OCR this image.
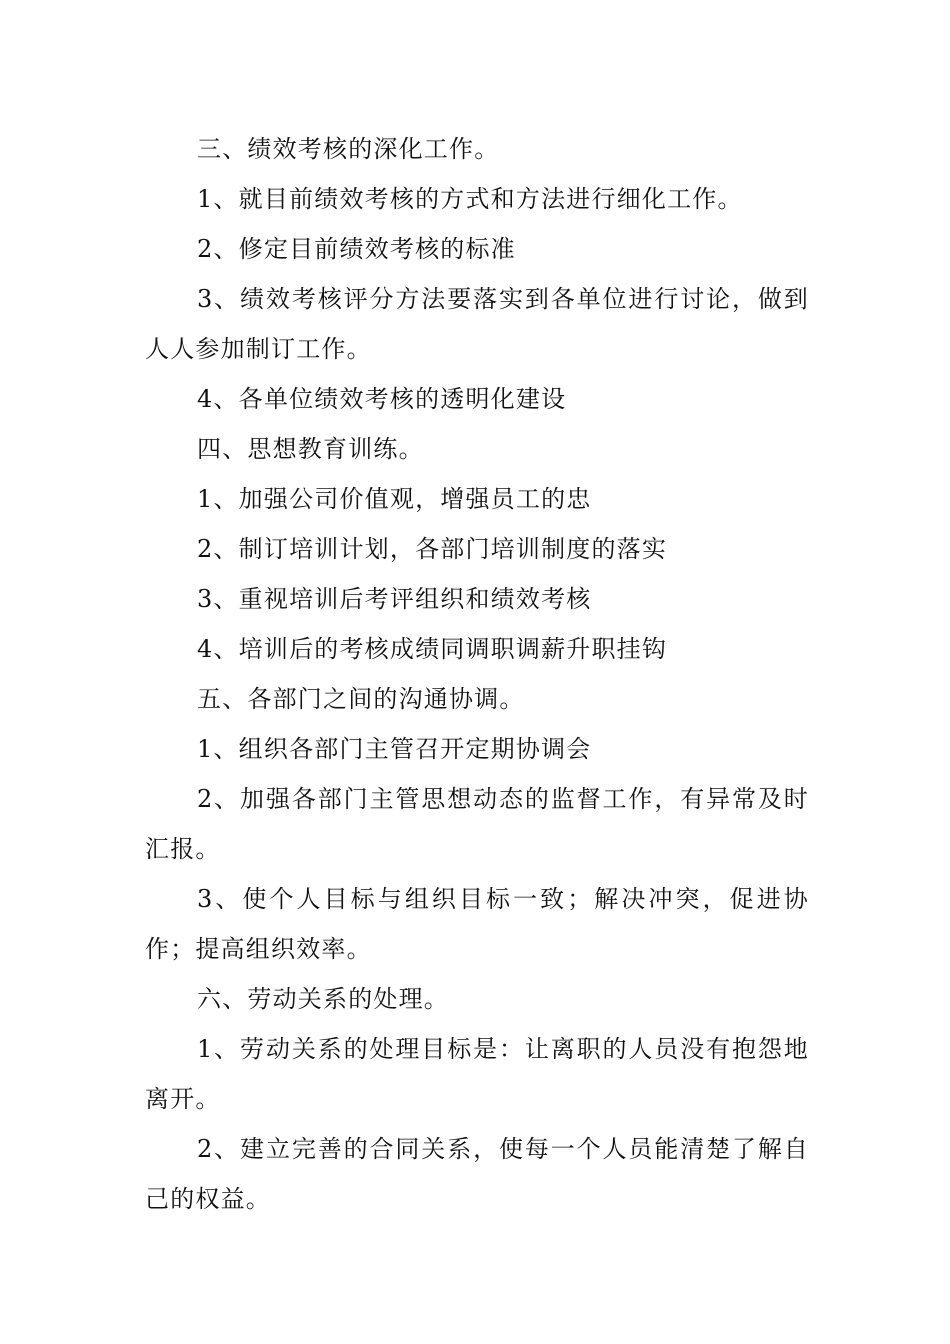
三、绩效考核的深化工作。

1、就目前绩效考核的方式和方法进行细化工作。

2、修定目前绩效考核的标准

3、绩效考核评分方法要落实到各单位进行讨论，做到人人参加制订工作。

4、各单位绩效考核的透明化建设

四、思想教育训练。

1、加强公司价值观，增强员工的忠

2、制订培训计划，各部门培训制度的落实

3、重视培训后考评组织和绩效考核

4、培训后的考核成绩同调职调薪升职挂钩

五、各部门之间的沟通协调。

1、组织各部门主管召开定期协调会

2、加强各部门主管思想动态的监督工作，有异常及时汇报。

3、使个人目标与组织目标一致；解决冲突，促进协作；提高组织效率。

六、劳动关系的处理。

1、劳动关系的处理目标是：让离职的人员没有抱怨地离开。

2、建立完善的合同关系，使每一个人员能清楚了解自己的权益。
